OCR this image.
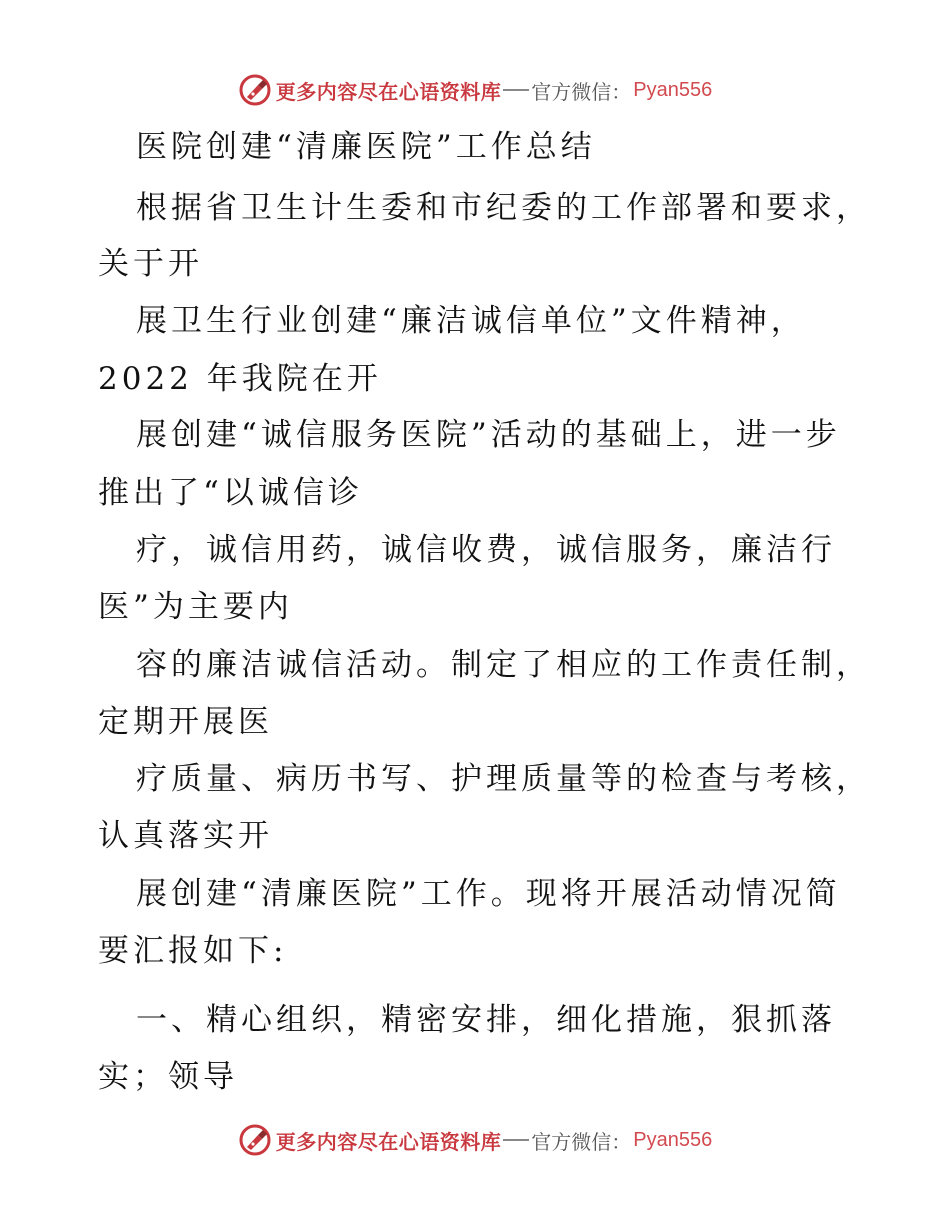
更多内容尽在心语资料库 官方微信： Pyan556
医院创建“清廉医院”工作总结
根据省卫生计生委和市纪委的工作部署和要求，
关于开
展卫生行业创建“廉洁诚信单位”文件精神，
2022 年我院在开
展创建“诚信服务医院”活动的基础上，进一步
推出了“以诚信诊
疗，诚信用药，诚信收费，诚信服务，廉洁行
医”为主要内
容的廉洁诚信活动。制定了相应的工作责任制，
定期开展医
疗质量、病历书写、护理质量等的检查与考核，
认真落实开
展创建“清廉医院”工作。现将开展活动情况简
要汇报如下:
一、精心组织，精密安排，细化措施，狠抓落
实；领导
更多内容尽在心语资料库 官方微信： Pyan556
